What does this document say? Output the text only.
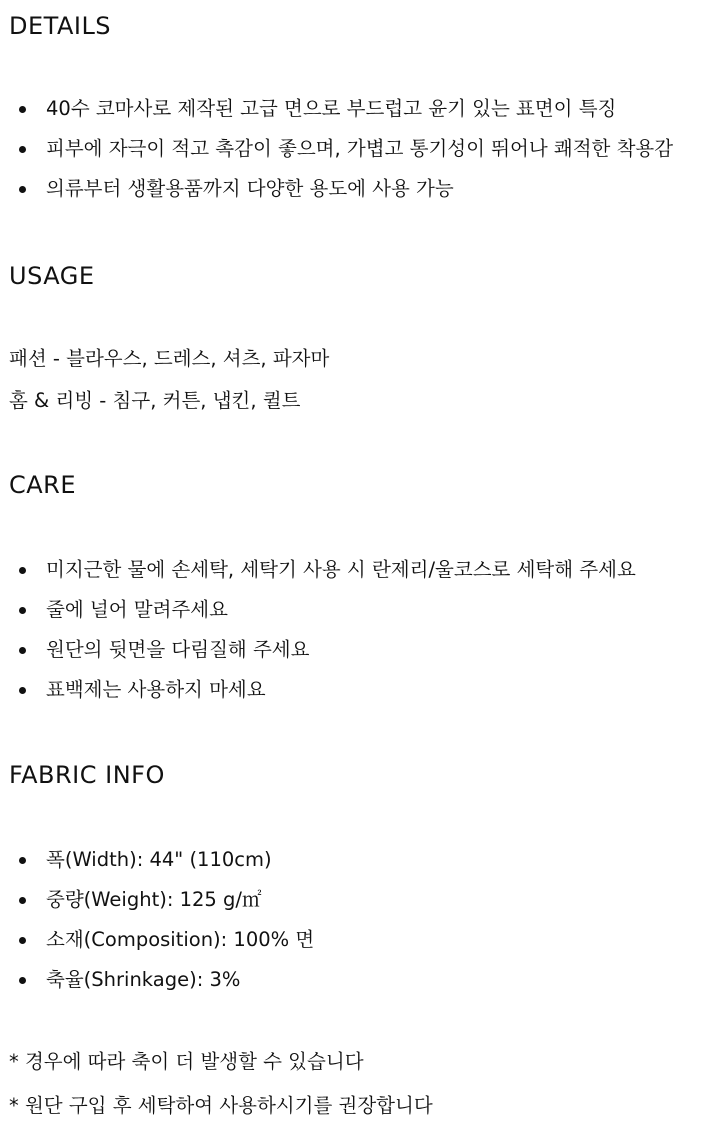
DETAILS
40수 코마사로 제작된 고급 면으로 부드럽고 윤기 있는 표면이 특징
피부에 자극이 적고 촉감이 좋으며, 가볍고 통기성이 뛰어나 쾌적한 착용감
의류부터 생활용품까지 다양한 용도에 사용 가능
USAGE
패션 - 블라우스, 드레스, 셔츠, 파자마
홈 & 리빙 - 침구, 커튼, 냅킨, 퀼트
CARE
미지근한 물에 손세탁, 세탁기 사용 시 란제리/울코스로 세탁해 주세요
줄에 널어 말려주세요
원단의 뒷면을 다림질해 주세요
표백제는 사용하지 마세요
FABRIC INFO
폭(Width): 44" (110cm)
중량(Weight): 125 g/㎡
소재(Composition): 100% 면
축율(Shrinkage): 3%
* 경우에 따라 축이 더 발생할 수 있습니다
* 원단 구입 후 세탁하여 사용하시기를 권장합니다
